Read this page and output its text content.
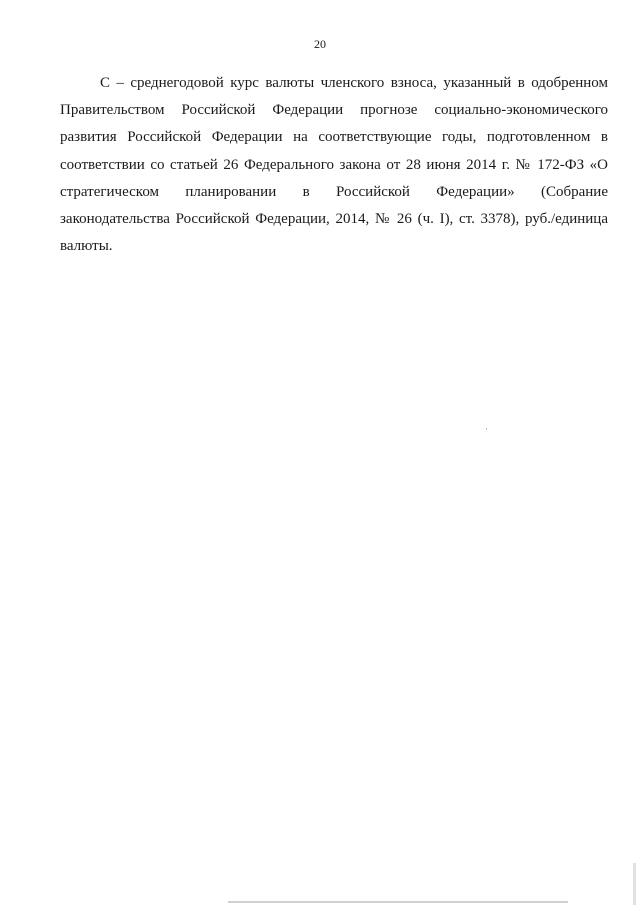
20

С – среднегодовой курс валюты членского взноса, указанный в одобренном Правительством Российской Федерации прогнозе социально-экономического развития Российской Федерации на соответствующие годы, подготовленном в соответствии со статьей 26 Федерального закона от 28 июня 2014 г. № 172-ФЗ «О стратегическом планировании в Российской Федерации» (Собрание законодательства Российской Федерации, 2014, № 26 (ч. I), ст. 3378), руб./единица валюты.
